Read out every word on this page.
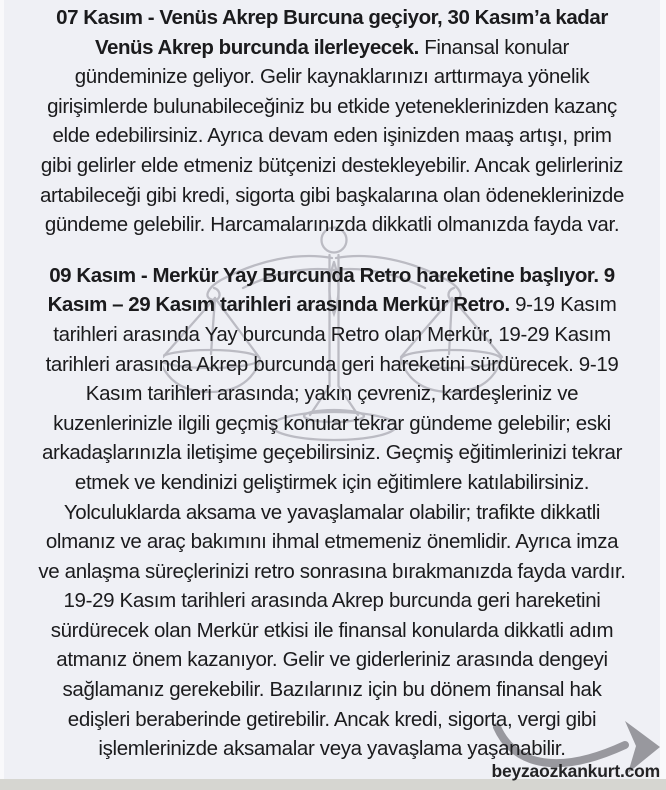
07 Kasım - Venüs Akrep Burcuna geçiyor, 30 Kasım’a kadar
Venüs Akrep burcunda ilerleyecek. Finansal konular
gündeminize geliyor. Gelir kaynaklarınızı arttırmaya yönelik
girişimlerde bulunabileceğiniz bu etkide yeteneklerinizden kazanç
elde edebilirsiniz. Ayrıca devam eden işinizden maaş artışı, prim
gibi gelirler elde etmeniz bütçenizi destekleyebilir. Ancak gelirleriniz
artabileceği gibi kredi, sigorta gibi başkalarına olan ödeneklerinizde
gündeme gelebilir. Harcamalarınızda dikkatli olmanızda fayda var.
09 Kasım - Merkür Yay Burcunda Retro hareketine başlıyor. 9
Kasım – 29 Kasım tarihleri arasında Merkür Retro. 9-19 Kasım
tarihleri arasında Yay burcunda Retro olan Merkür, 19-29 Kasım
tarihleri arasında Akrep burcunda geri hareketini sürdürecek. 9-19
Kasım tarihleri arasında; yakın çevreniz, kardeşleriniz ve
kuzenlerinizle ilgili geçmiş konular tekrar gündeme gelebilir; eski
arkadaşlarınızla iletişime geçebilirsiniz. Geçmiş eğitimlerinizi tekrar
etmek ve kendinizi geliştirmek için eğitimlere katılabilirsiniz.
Yolculuklarda aksama ve yavaşlamalar olabilir; trafikte dikkatli
olmanız ve araç bakımını ihmal etmemeniz önemlidir. Ayrıca imza
ve anlaşma süreçlerinizi retro sonrasına bırakmanızda fayda vardır.
19-29 Kasım tarihleri arasında Akrep burcunda geri hareketini
sürdürecek olan Merkür etkisi ile finansal konularda dikkatli adım
atmanız önem kazanıyor. Gelir ve giderleriniz arasında dengeyi
sağlamanız gerekebilir. Bazılarınız için bu dönem finansal hak
edişleri beraberinde getirebilir. Ancak kredi, sigorta, vergi gibi
işlemlerinizde aksamalar veya yavaşlama yaşanabilir.
beyzaozkankurt.com
